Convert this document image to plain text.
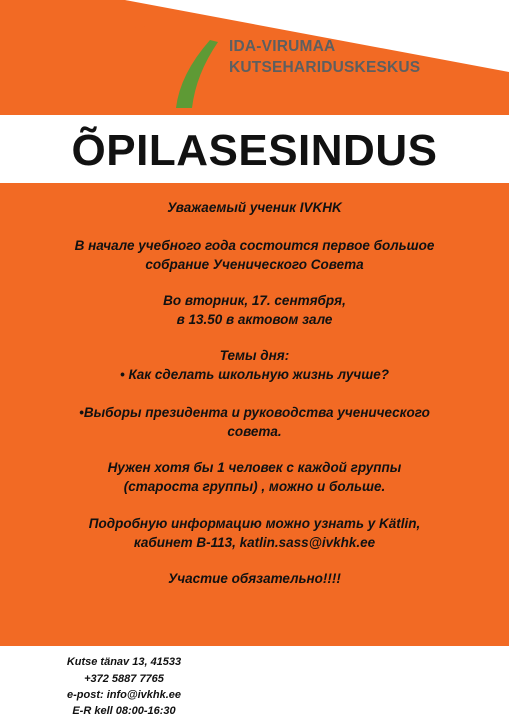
IDA-VIRUMAA
KUTSEHARIDUSKESKUS
ÕPILASESINDUS
Уважаемый ученик IVKHK
В начале учебного года состоится первое большое
собрание Ученического Совета
Во вторник, 17. сентября,
в 13.50 в актовом зале
Темы дня:
• Как сделать школьную жизнь лучше?
•Выборы президента и руководства ученического
совета.
Нужен хотя бы 1 человек с каждой группы
(староста группы) , можно и больше.
Подробную информацию можно узнать у Kätlin,
кабинет B-113, katlin.sass@ivkhk.ee
Участие обязательно!!!!
Kutse tänav 13, 41533
+372 5887 7765
e-post: info@ivkhk.ee
E-R kell 08:00-16:30
